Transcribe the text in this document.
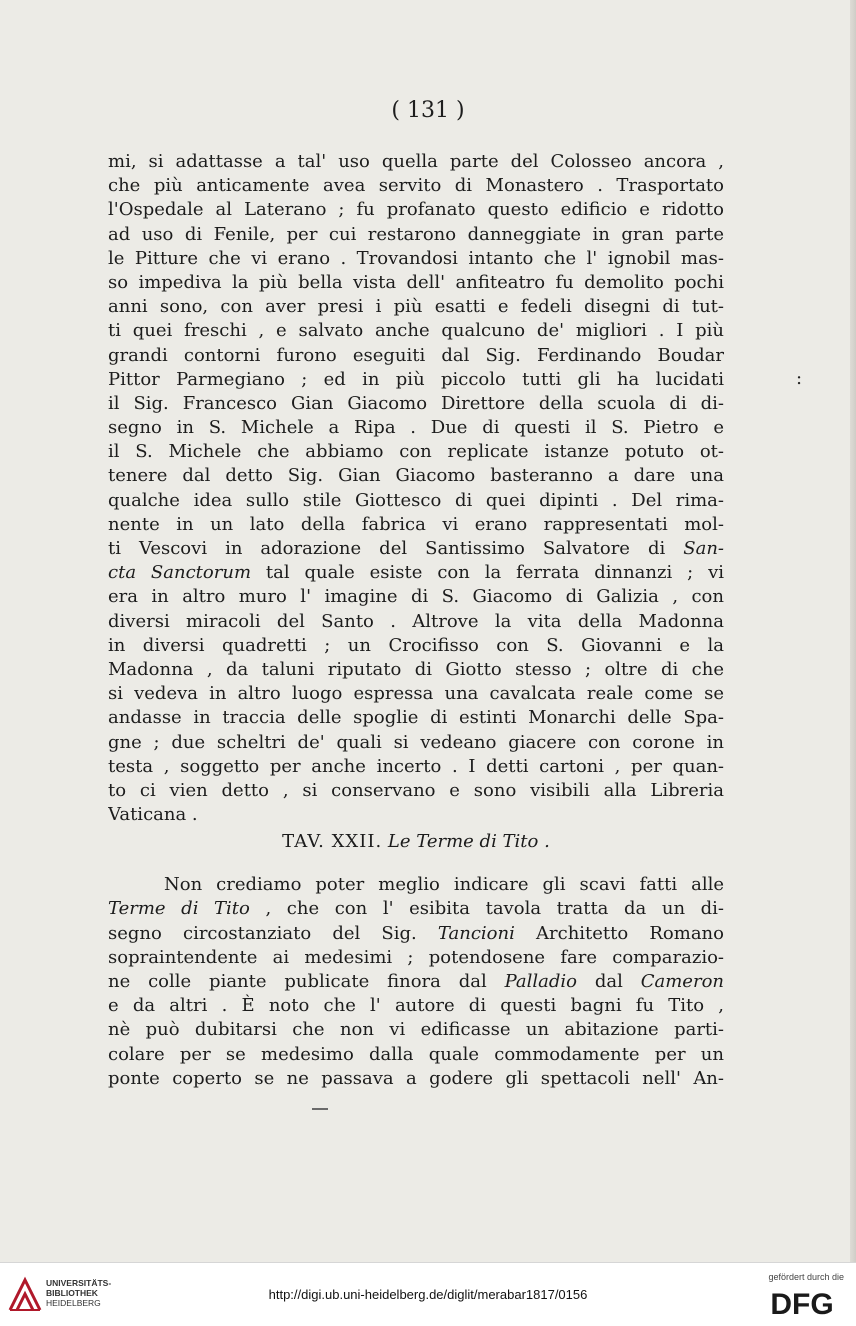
( 131 )
:
mi, si adattasse a tal' uso quella parte del Colosseo ancora ,
che più anticamente avea servito di Monastero . Trasportato
l'Ospedale al Laterano ; fu profanato questo edificio e ridotto
ad uso di Fenile, per cui restarono danneggiate in gran parte
le Pitture che vi erano . Trovandosi intanto che l' ignobil mas-
so impediva la più bella vista dell' anfiteatro fu demolito pochi
anni sono, con aver presi i più esatti e fedeli disegni di tut-
ti quei freschi , e salvato anche qualcuno de' migliori . I più
grandi contorni furono eseguiti dal Sig. Ferdinando Boudar
Pittor Parmegiano ; ed in più piccolo tutti gli ha lucidati
il Sig. Francesco Gian Giacomo Direttore della scuola di di-
segno in S. Michele a Ripa . Due di questi il S. Pietro e
il S. Michele che abbiamo con replicate istanze potuto ot-
tenere dal detto Sig. Gian Giacomo basteranno a dare una
qualche idea sullo stile Giottesco di quei dipinti . Del rima-
nente in un lato della fabrica vi erano rappresentati mol-
ti Vescovi in adorazione del Santissimo Salvatore di San-
cta Sanctorum tal quale esiste con la ferrata dinnanzi ; vi
era in altro muro l' imagine di S. Giacomo di Galizia , con
diversi miracoli del Santo . Altrove la vita della Madonna
in diversi quadretti ; un Crocifisso con S. Giovanni e la
Madonna , da taluni riputato di Giotto stesso ; oltre di che
si vedeva in altro luogo espressa una cavalcata reale come se
andasse in traccia delle spoglie di estinti Monarchi delle Spa-
gne ; due scheltri de' quali si vedeano giacere con corone in
testa , soggetto per anche incerto . I detti cartoni , per quan-
to ci vien detto , si conservano e sono visibili alla Libreria
Vaticana .
TAV. XXII. Le Terme di Tito .
Non crediamo poter meglio indicare gli scavi fatti alle
Terme di Tito , che con l' esibita tavola tratta da un di-
segno circostanziato del Sig. Tancioni Architetto Romano
sopraintendente ai medesimi ; potendosene fare comparazio-
ne colle piante publicate finora dal Palladio dal Cameron
e da altri . È noto che l' autore di questi bagni fu Tito ,
nè può dubitarsi che non vi edificasse un abitazione parti-
colare per se medesimo dalla quale commodamente per un
ponte coperto se ne passava a godere gli spettacoli nell' An-
UNIVERSITÄTS-
BIBLIOTHEK
HEIDELBERG
http://digi.ub.uni-heidelberg.de/diglit/merabar1817/0156
gefördert durch die
DFG
